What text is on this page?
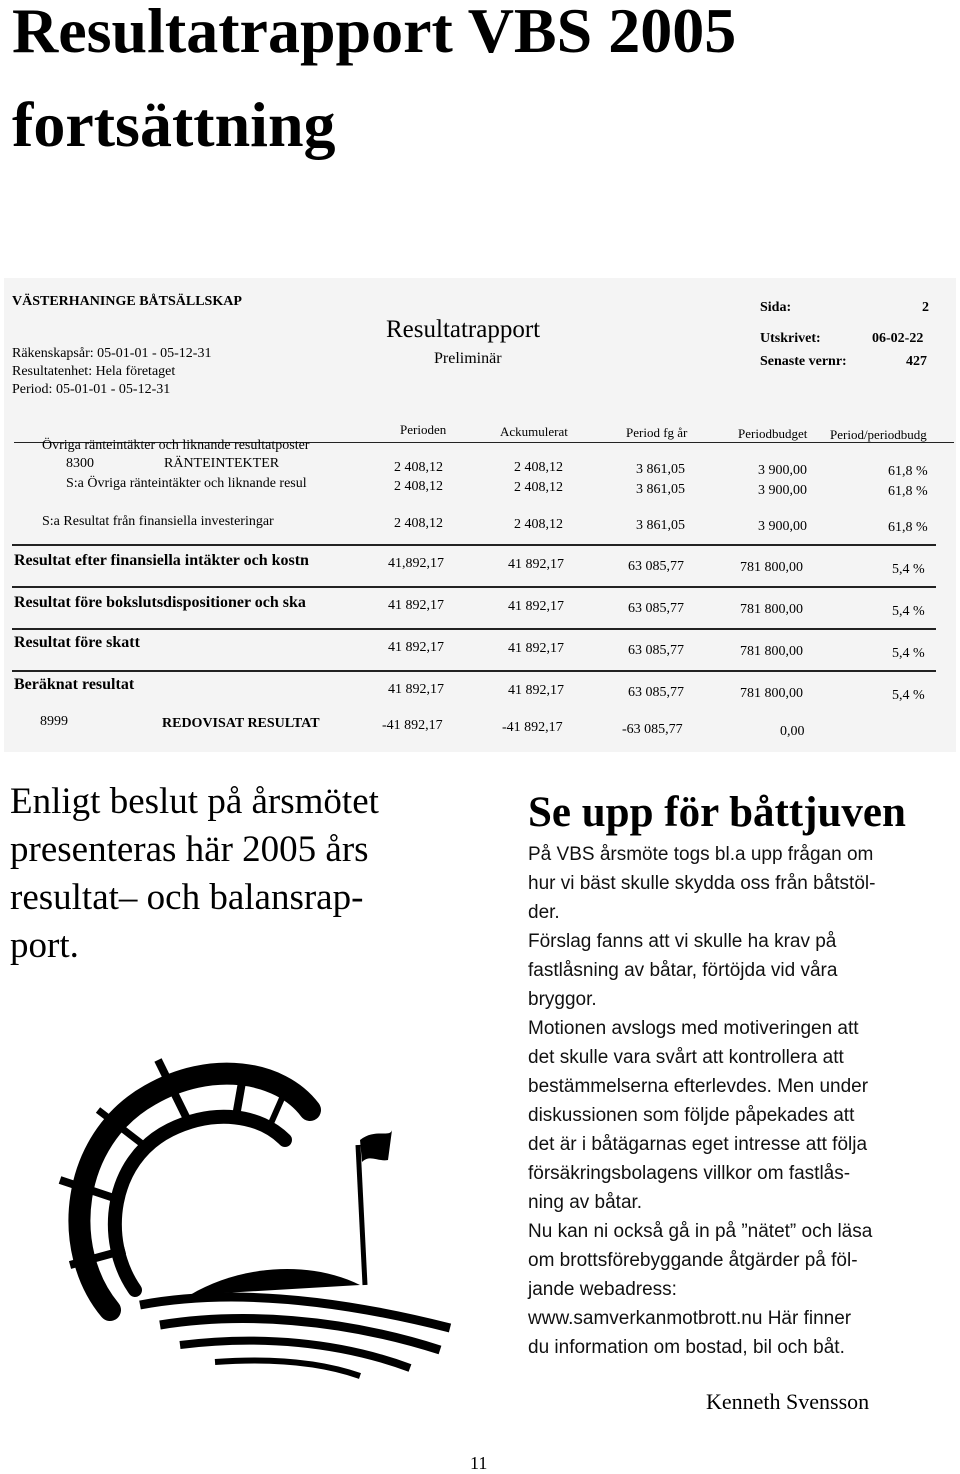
Resultatrapport VBS 2005
fortsättning
VÄSTERHANINGE BÅTSÄLLSKAP
Resultatrapport
Preliminär
Räkenskapsår: 05-01-01 - 05-12-31
Resultatenhet: Hela företaget
Period: 05-01-01 - 05-12-31
Sida:	2
Utskrivet:	06-02-22
Senaste vernr:	427
Perioden	Ackumulerat	Period fg år	Periodbudget Period/periodbudg
Övriga ränteintäkter och liknande resultatposter
8300	RÄNTEINTEKTER	2 408,12	2 408,12	3 861,05	3 900,00	61,8 %
S:a Övriga ränteintäkter och liknande resul	2 408,12	2 408,12	3 861,05	3 900,00	61,8 %
S:a Resultat från finansiella investeringar	2 408,12	2 408,12	3 861,05	3 900,00	61,8 %
Resultat efter finansiella intäkter och kostn	41,892,17	41 892,17	63 085,77	781 800,00	5,4 %
Resultat före bokslutsdispositioner och ska	41 892,17	41 892,17	63 085,77	781 800,00	5,4 %
Resultat före skatt	41 892,17	41 892,17	63 085,77	781 800,00	5,4 %
Beräknat resultat	41 892,17	41 892,17	63 085,77	781 800,00	5,4 %
8999	REDOVISAT RESULTAT	-41 892,17	-41 892,17	-63 085,77	0,00
Enligt beslut på årsmötet
presenteras här 2005 års
resultat– och balansrap-
port.
Se upp för båttjuven
På VBS årsmöte togs bl.a upp frågan om
hur vi bäst skulle skydda oss från båtstöl-
der.
Förslag fanns att vi skulle ha krav på
fastlåsning av båtar, förtöjda vid våra
bryggor.
Motionen avslogs med motiveringen att
det skulle vara svårt att kontrollera att
bestämmelserna efterlevdes. Men under
diskussionen som följde påpekades att
det är i båtägarnas eget intresse att följa
försäkringsbolagens villkor om fastlås-
ning av båtar.
Nu kan ni också gå in på ”nätet” och läsa
om brottsförebyggande åtgärder på föl-
jande webadress:
www.samverkanmotbrott.nu Här finner
du information om bostad, bil och båt.
Kenneth Svensson
11
